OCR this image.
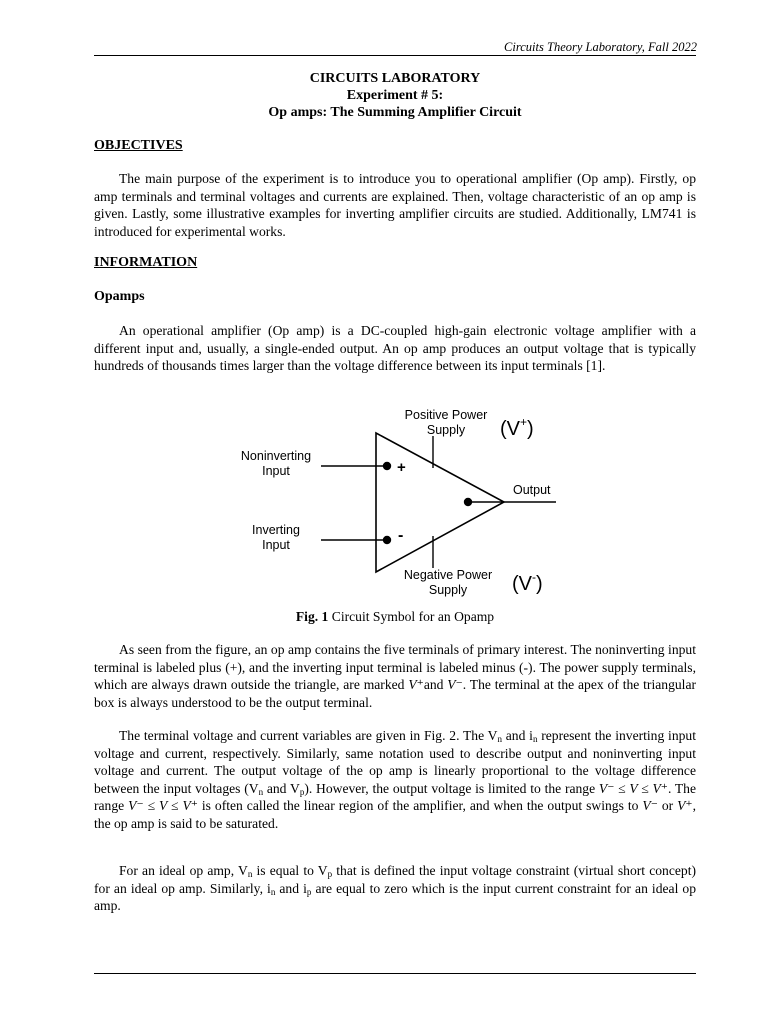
Circuits Theory Laboratory, Fall 2022
CIRCUITS LABORATORY
Experiment # 5:
Op amps: The Summing Amplifier Circuit
OBJECTIVES

The main purpose of the experiment is to introduce you to operational amplifier (Op amp). Firstly, op amp terminals and terminal voltages and currents are explained. Then, voltage characteristic of an op amp is given. Lastly, some illustrative examples for inverting amplifier circuits are studied. Additionally, LM741 is introduced for experimental works.

INFORMATION
Opamps

An operational amplifier (Op amp) is a DC-coupled high-gain electronic voltage amplifier with a different input and, usually, a single-ended output. An op amp produces an output voltage that is typically hundreds of thousands times larger than the voltage difference between its input terminals [1].

+
-
Positive Power
Supply (V+)
Noninverting
Input
Inverting
Input
Output
Negative Power
Supply (V-)
Fig. 1 Circuit Symbol for an Opamp

As seen from the figure, an op amp contains the five terminals of primary interest. The noninverting input terminal is labeled plus (+), and the inverting input terminal is labeled minus (-). The power supply terminals, which are always drawn outside the triangle, are marked V⁺and V⁻. The terminal at the apex of the triangular box is always understood to be the output terminal.

The terminal voltage and current variables are given in Fig. 2. The $V_n$ and $i_n$ represent the inverting input voltage and current, respectively. Similarly, same notation used to describe output and noninverting input voltage and current. The output voltage of the op amp is linearly proportional to the voltage difference between the input voltages ($V_n$ and $V_p$). However, the output voltage is limited to the range V⁻ ≤ V ≤ V⁺. The range V⁻ ≤ V ≤ V⁺ is often called the linear region of the amplifier, and when the output swings to V⁻ or V⁺, the op amp is said to be saturated.

For an ideal op amp, $V_n$ is equal to $V_p$ that is defined the input voltage constraint (virtual short concept) for an ideal op amp. Similarly, $i_n$ and $i_p$ are equal to zero which is the input current constraint for an ideal op amp.
